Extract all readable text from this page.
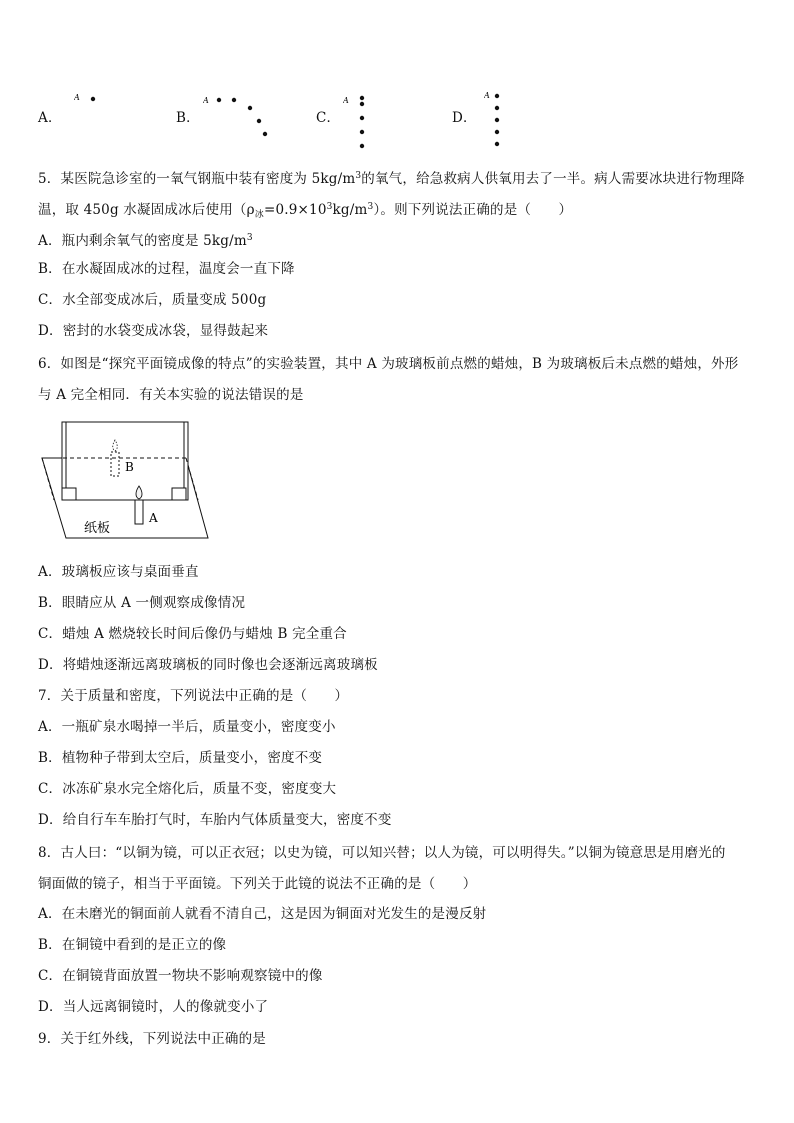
A．
A
B．
A
C．
A
D．
A
5．某医院急诊室的一氧气钢瓶中装有密度为 $5kg/m^3$的氧气，给急救病人供氧用去了一半。病人需要冰块进行物理降
温，取 450g 水凝固成冰后使用$(\rho_冰=0.9\times 10^3kg/m^3)$。则下列说法正确的是（　　）
A．瓶内剩余氧气的密度是 $5kg/m^3$
B．在水凝固成冰的过程，温度会一直下降
C．水全部变成冰后，质量变成 500g
D．密封的水袋变成冰袋，显得鼓起来
6．如图是“探究平面镜成像的特点”的实验装置，其中 A 为玻璃板前点燃的蜡烛，B 为玻璃板后未点燃的蜡烛，外形
与 A 完全相同．有关本实验的说法错误的是
B
A
纸板
A．玻璃板应该与桌面垂直
B．眼睛应从 A 一侧观察成像情况
C．蜡烛 A 燃烧较长时间后像仍与蜡烛 B 完全重合
D．将蜡烛逐渐远离玻璃板的同时像也会逐渐远离玻璃板
7．关于质量和密度，下列说法中正确的是（　　）
A．一瓶矿泉水喝掉一半后，质量变小，密度变小
B．植物种子带到太空后，质量变小，密度不变
C．冰冻矿泉水完全熔化后，质量不变，密度变大
D．给自行车车胎打气时，车胎内气体质量变大，密度不变
8．古人曰：“以铜为镜，可以正衣冠；以史为镜，可以知兴替；以人为镜，可以明得失。”以铜为镜意思是用磨光的
铜面做的镜子，相当于平面镜。下列关于此镜的说法不正确的是（　　）
A．在未磨光的铜面前人就看不清自己，这是因为铜面对光发生的是漫反射
B．在铜镜中看到的是正立的像
C．在铜镜背面放置一物块不影响观察镜中的像
D．当人远离铜镜时，人的像就变小了
9．关于红外线，下列说法中正确的是
